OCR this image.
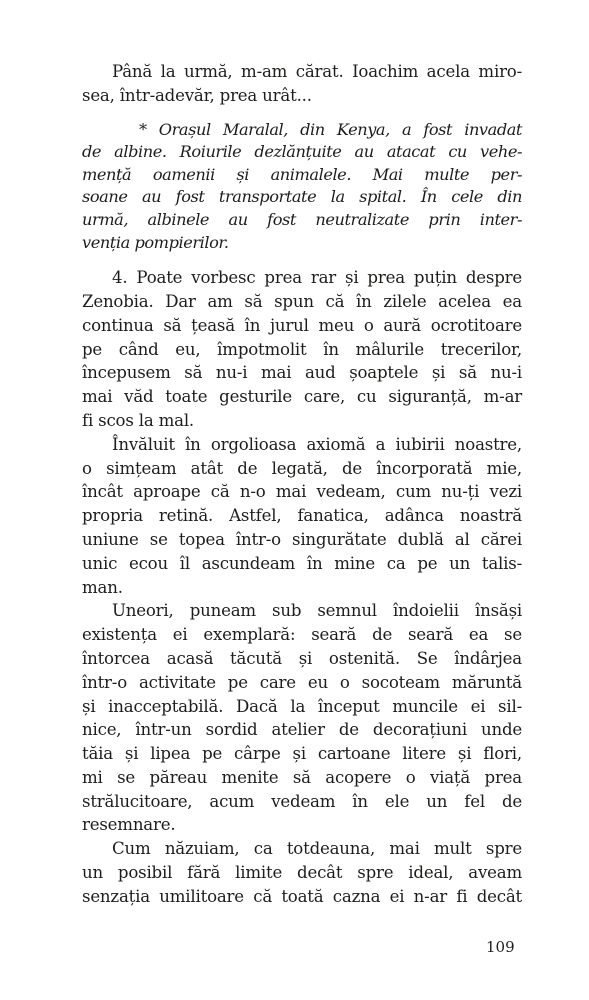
Până la urmă, m-am cărat. Ioachim acela miro-
sea, într-adevăr, prea urât...
* Orașul Maralal, din Kenya, a fost invadat
de albine. Roiurile dezlănțuite au atacat cu vehe-
mență oamenii și animalele. Mai multe per-
soane au fost transportate la spital. În cele din
urmă, albinele au fost neutralizate prin inter-
venția pompierilor.
4. Poate vorbesc prea rar și prea puțin despre
Zenobia. Dar am să spun că în zilele acelea ea
continua să țeasă în jurul meu o aură ocrotitoare
pe când eu, împotmolit în mâlurile trecerilor,
începusem să nu-i mai aud șoaptele și să nu-i
mai văd toate gesturile care, cu siguranță, m-ar
fi scos la mal.
Învăluit în orgolioasa axiomă a iubirii noastre,
o simțeam atât de legată, de încorporată mie,
încât aproape că n-o mai vedeam, cum nu-ți vezi
propria retină. Astfel, fanatica, adânca noastră
uniune se topea într-o singurătate dublă al cărei
unic ecou îl ascundeam în mine ca pe un talis-
man.
Uneori, puneam sub semnul îndoielii însăși
existența ei exemplară: seară de seară ea se
întorcea acasă tăcută și ostenită. Se îndârjea
într-o activitate pe care eu o socoteam măruntă
și inacceptabilă. Dacă la început muncile ei sil-
nice, într-un sordid atelier de decorațiuni unde
tăia și lipea pe cârpe și cartoane litere și flori,
mi se păreau menite să acopere o viață prea
strălucitoare, acum vedeam în ele un fel de
resemnare.
Cum năzuiam, ca totdeauna, mai mult spre
un posibil fără limite decât spre ideal, aveam
senzația umilitoare că toată cazna ei n-ar fi decât
109
